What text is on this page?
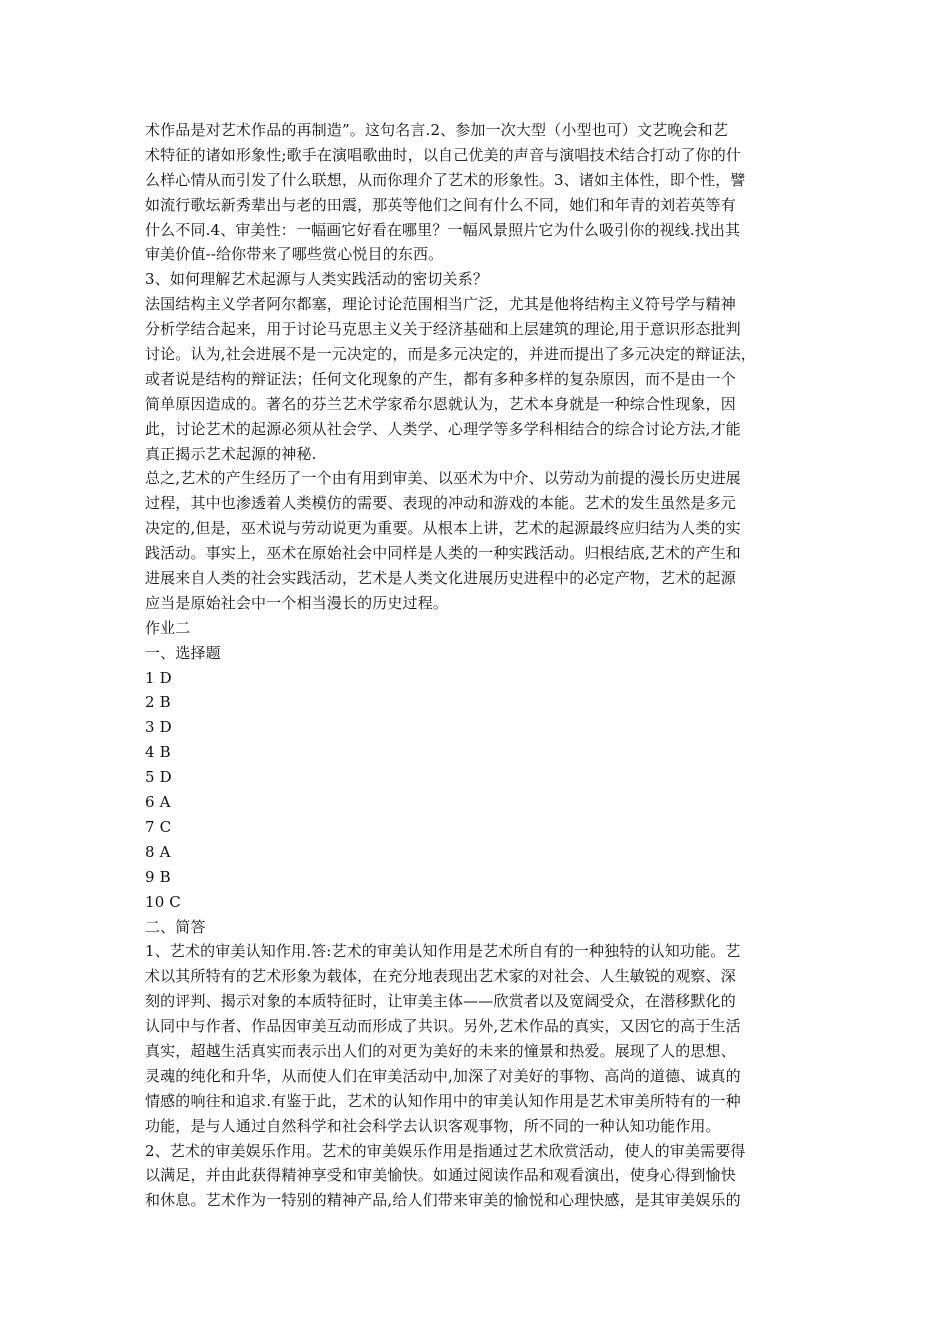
术作品是对艺术作品的再制造”。这句名言.2、参加一次大型（小型也可）文艺晚会和艺
术特征的诸如形象性;歌手在演唱歌曲时，以自己优美的声音与演唱技术结合打动了你的什
么样心情从而引发了什么联想，从而你理介了艺术的形象性。3、诸如主体性，即个性，譬
如流行歌坛新秀辈出与老的田震，那英等他们之间有什么不同，她们和年青的刘若英等有
什么不同.4、审美性：一幅画它好看在哪里？一幅风景照片它为什么吸引你的视线.找出其
审美价值--给你带来了哪些赏心悦目的东西。
3、如何理解艺术起源与人类实践活动的密切关系？
法国结构主义学者阿尔都塞，理论讨论范围相当广泛，尤其是他将结构主义符号学与精神
分析学结合起来，用于讨论马克思主义关于经济基础和上层建筑的理论,用于意识形态批判
讨论。认为,社会进展不是一元决定的，而是多元决定的，并进而提出了多元决定的辩证法，
或者说是结构的辩证法；任何文化现象的产生，都有多种多样的复杂原因，而不是由一个
简单原因造成的。著名的芬兰艺术学家希尔恩就认为，艺术本身就是一种综合性现象，因
此，讨论艺术的起源必须从社会学、人类学、心理学等多学科相结合的综合讨论方法,才能
真正揭示艺术起源的神秘.
总之,艺术的产生经历了一个由有用到审美、以巫术为中介、以劳动为前提的漫长历史进展
过程，其中也渗透着人类模仿的需要、表现的冲动和游戏的本能。艺术的发生虽然是多元
决定的,但是，巫术说与劳动说更为重要。从根本上讲，艺术的起源最终应归结为人类的实
践活动。事实上，巫术在原始社会中同样是人类的一种实践活动。归根结底,艺术的产生和
进展来自人类的社会实践活动，艺术是人类文化进展历史进程中的必定产物，艺术的起源
应当是原始社会中一个相当漫长的历史过程。
作业二
一、选择题
1 D
2 B
3 D
4 B
5 D
6 A
7 C
8 A
9 B
10 C
二、简答
1、艺术的审美认知作用.答:艺术的审美认知作用是艺术所自有的一种独特的认知功能。艺
术以其所特有的艺术形象为载体，在充分地表现出艺术家的对社会、人生敏锐的观察、深
刻的评判、揭示对象的本质特征时，让审美主体——欣赏者以及宽阔受众，在潜移默化的
认同中与作者、作品因审美互动而形成了共识。另外,艺术作品的真实，又因它的高于生活
真实，超越生活真实而表示出人们的对更为美好的未来的憧景和热爱。展现了人的思想、
灵魂的纯化和升华，从而使人们在审美活动中,加深了对美好的事物、高尚的道德、诚真的
情感的响往和追求.有鉴于此，艺术的认知作用中的审美认知作用是艺术审美所特有的一种
功能，是与人通过自然科学和社会科学去认识客观事物，所不同的一种认知功能作用。
2、艺术的审美娱乐作用。艺术的审美娱乐作用是指通过艺术欣赏活动，使人的审美需要得
以满足，并由此获得精神享受和审美愉快。如通过阅读作品和观看演出，使身心得到愉快
和休息。艺术作为一特别的精神产品,给人们带来审美的愉悦和心理快感，是其审美娱乐的
